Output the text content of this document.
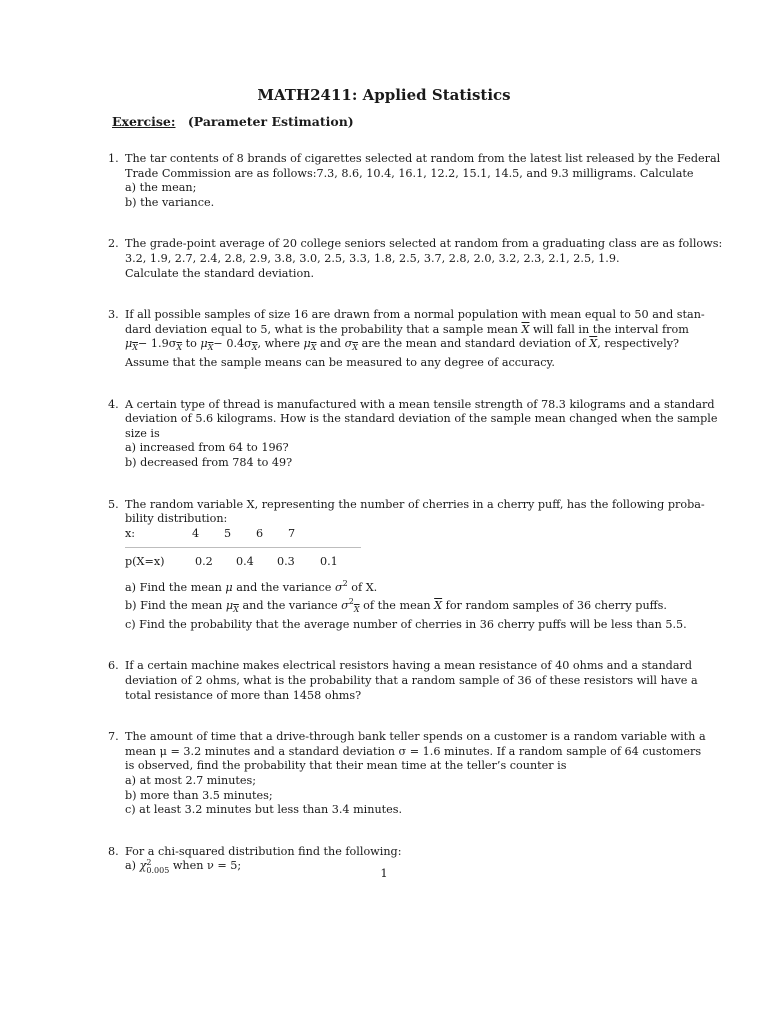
MATH2411: Applied Statistics
Exercise: (Parameter Estimation)
1. The tar contents of 8 brands of cigarettes selected at random from the latest list released by the Federal
Trade Commission are as follows:7.3, 8.6, 10.4, 16.1, 12.2, 15.1, 14.5, and 9.3 milligrams. Calculate
a) the mean;
b) the variance.
2. The grade-point average of 20 college seniors selected at random from a graduating class are as follows:
3.2, 1.9, 2.7, 2.4, 2.8, 2.9, 3.8, 3.0, 2.5, 3.3, 1.8, 2.5, 3.7, 2.8, 2.0, 3.2, 2.3, 2.1, 2.5, 1.9.
Calculate the standard deviation.
3. If all possible samples of size 16 are drawn from a normal population with mean equal to 50 and stan-
dard deviation equal to 5, what is the probability that a sample mean $\overline{X}$ will fall in the interval from
$\mu_{\overline{X}}- 1.9\sigma_{\overline{X}}$ to $\mu_{\overline{X}}- 0.4\sigma_{\overline{X}}$, where $\mu_{\overline{X}}$ and $\sigma_{\overline{X}}$ are the mean and standard deviation of $\overline{X}$, respectively?
Assume that the sample means can be measured to any degree of accuracy.
4. A certain type of thread is manufactured with a mean tensile strength of 78.3 kilograms and a standard
deviation of 5.6 kilograms. How is the standard deviation of the sample mean changed when the sample
size is
a) increased from 64 to 196?
b) decreased from 784 to 49?
5. The random variable X, representing the number of cherries in a cherry puff, has the following proba-
bility distribution:
x:	4 5 6 7
p(X=x)	0.2 0.4 0.3 0.1
a) Find the mean μ and the variance $\sigma^2$ of X.
b) Find the mean $\mu_{\overline{X}}$ and the variance $\sigma^2_{\overline{X}}$ of the mean $\overline{X}$ for random samples of 36 cherry puffs.
c) Find the probability that the average number of cherries in 36 cherry puffs will be less than 5.5.
6. If a certain machine makes electrical resistors having a mean resistance of 40 ohms and a standard
deviation of 2 ohms, what is the probability that a random sample of 36 of these resistors will have a
total resistance of more than 1458 ohms?
7. The amount of time that a drive-through bank teller spends on a customer is a random variable with a
mean μ = 3.2 minutes and a standard deviation σ = 1.6 minutes. If a random sample of 64 customers
is observed, find the probability that their mean time at the teller’s counter is
a) at most 2.7 minutes;
b) more than 3.5 minutes;
c) at least 3.2 minutes but less than 3.4 minutes.
8. For a chi-squared distribution find the following:
a) χ 2
0.005 when ν = 5;
1
